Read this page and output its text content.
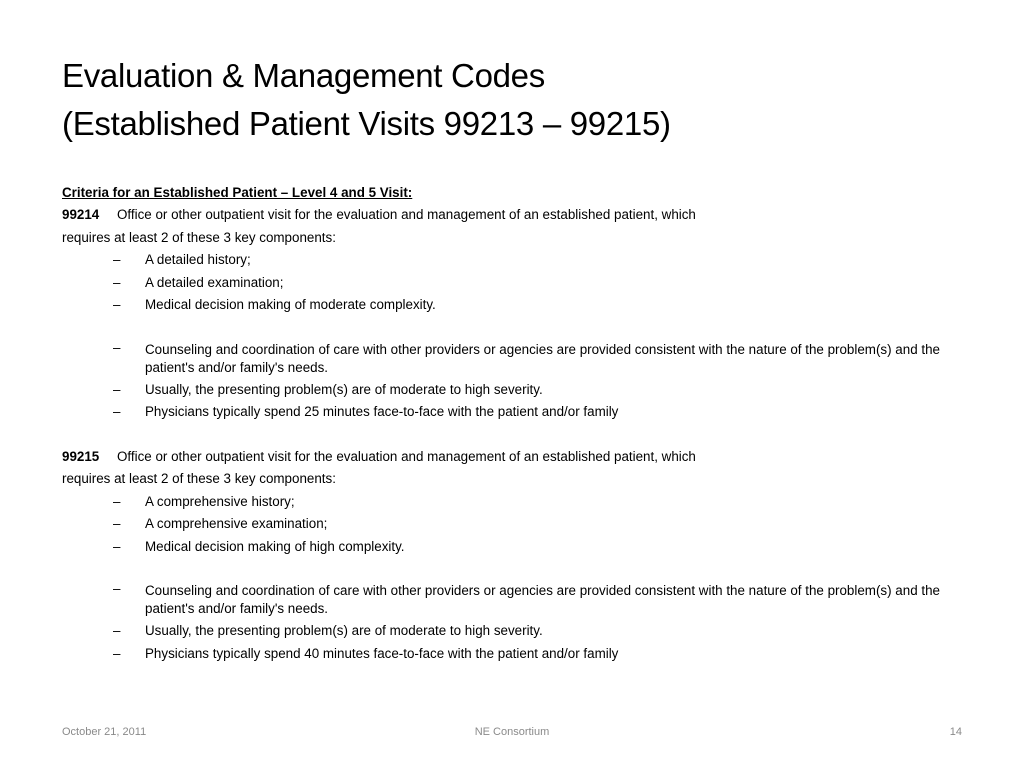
Evaluation & Management Codes
(Established Patient Visits 99213 – 99215)
Criteria for an Established Patient – Level 4 and 5 Visit:
99214 Office or other outpatient visit for the evaluation and management of an established patient, which
requires at least 2 of these 3 key components:
– A detailed history;
– A detailed examination;
– Medical decision making of moderate complexity.
– Counseling and coordination of care with other providers or agencies are provided consistent with the nature of the problem(s) and the patient's and/or family's needs.
– Usually, the presenting problem(s) are of moderate to high severity.
– Physicians typically spend 25 minutes face-to-face with the patient and/or family
99215 Office or other outpatient visit for the evaluation and management of an established patient, which
requires at least 2 of these 3 key components:
– A comprehensive history;
– A comprehensive examination;
– Medical decision making of high complexity.
– Counseling and coordination of care with other providers or agencies are provided consistent with the nature of the problem(s) and the patient's and/or family's needs.
– Usually, the presenting problem(s) are of moderate to high severity.
– Physicians typically spend 40 minutes face-to-face with the patient and/or family
October 21, 2011	NE Consortium	14
